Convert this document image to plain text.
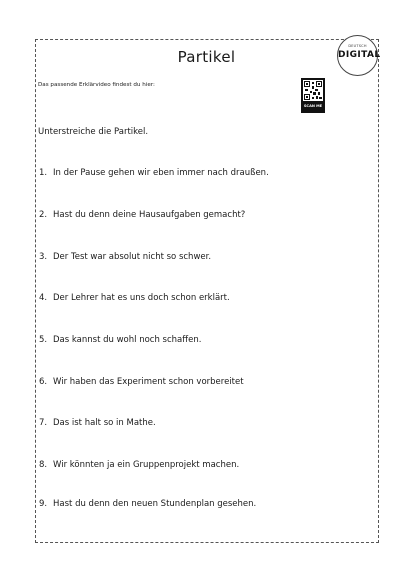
Partikel
DEUTSCH
DIGITAL
Das passende Erklärvideo findest du hier:
SCAN ME
Unterstreiche die Partikel.
1. In der Pause gehen wir eben immer nach draußen.
2. Hast du denn deine Hausaufgaben gemacht?
3. Der Test war absolut nicht so schwer.
4. Der Lehrer hat es uns doch schon erklärt.
5. Das kannst du wohl noch schaffen.
6. Wir haben das Experiment schon vorbereitet
7. Das ist halt so in Mathe.
8. Wir könnten ja ein Gruppenprojekt machen.
9. Hast du denn den neuen Stundenplan gesehen.
